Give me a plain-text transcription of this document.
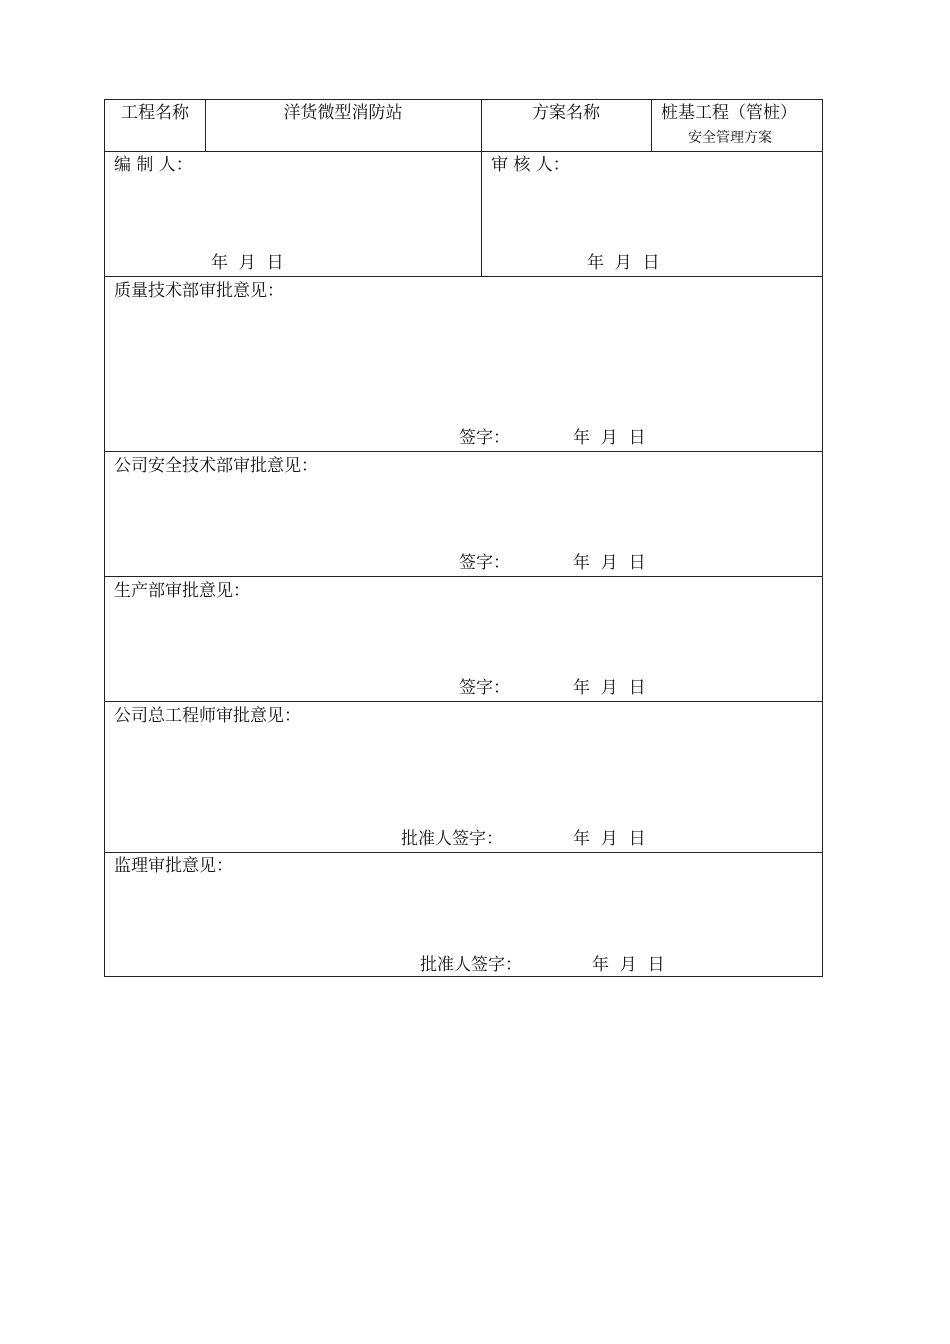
工程名称	洋货微型消防站	方案名称	桩基工程（管桩）
安全管理方案
编 制 人：
年  月  日
审 核 人：
年  月  日
质量技术部审批意见：
签字：	年  月  日
公司安全技术部审批意见：
签字：	年  月  日
生产部审批意见：
签字：	年  月  日
公司总工程师审批意见：
批准人签字：	年  月  日
监理审批意见：
批准人签字：	年  月  日
